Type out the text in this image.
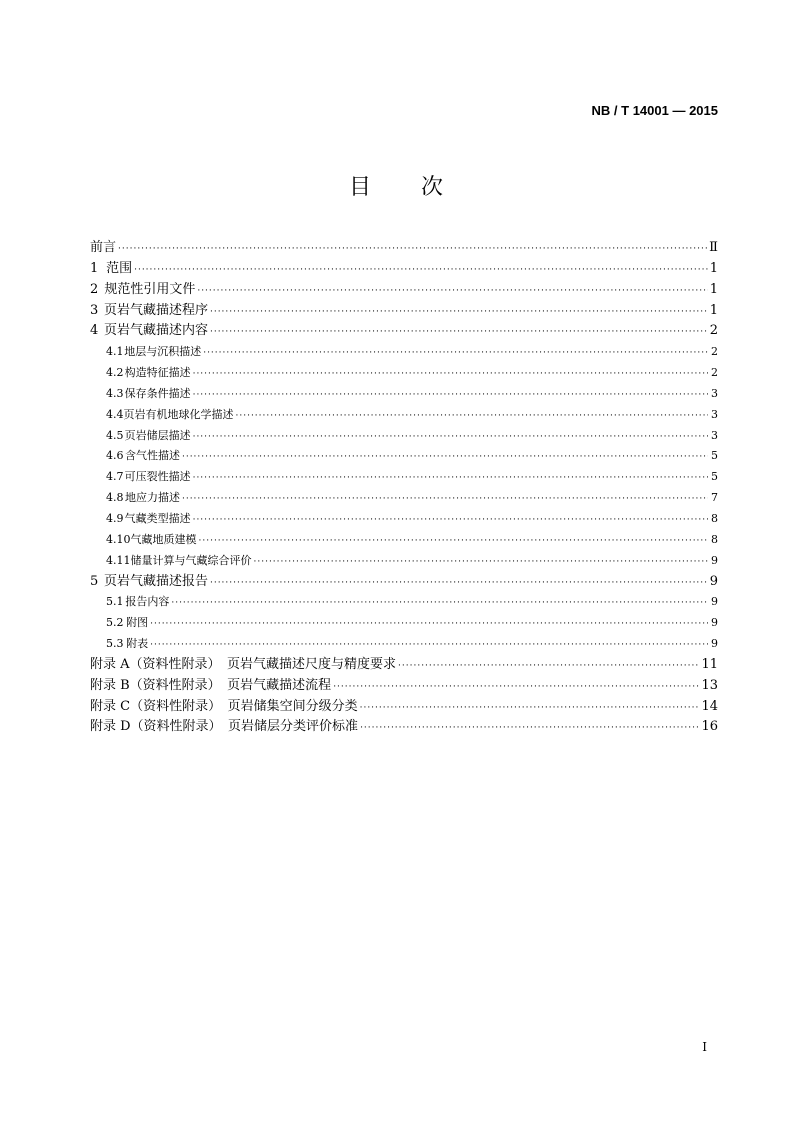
NB / T 14001 — 2015
目　　次
前言 ·····	Ⅱ
1 范围 ·····	1
2 规范性引用文件 ·····	1
3 页岩气藏描述程序 ·····	1
4 页岩气藏描述内容 ·····	2
4.1 地层与沉积描述 ·····	2
4.2 构造特征描述 ·····	2
4.3 保存条件描述 ·····	3
4.4 页岩有机地球化学描述 ·····	3
4.5 页岩储层描述 ·····	3
4.6 含气性描述 ·····	5
4.7 可压裂性描述 ·····	5
4.8 地应力描述 ·····	7
4.9 气藏类型描述 ·····	8
4.10 气藏地质建模 ·····	8
4.11 储量计算与气藏综合评价 ·····	9
5 页岩气藏描述报告 ·····	9
5.1 报告内容 ·····	9
5.2 附图 ·····	9
5.3 附表 ·····	9
附录 A（资料性附录）　页岩气藏描述尺度与精度要求 ·····	11
附录 B（资料性附录）　页岩气藏描述流程 ·····	13
附录 C（资料性附录）　页岩储集空间分级分类 ·····	14
附录 D（资料性附录）　页岩储层分类评价标准 ·····	16
I
